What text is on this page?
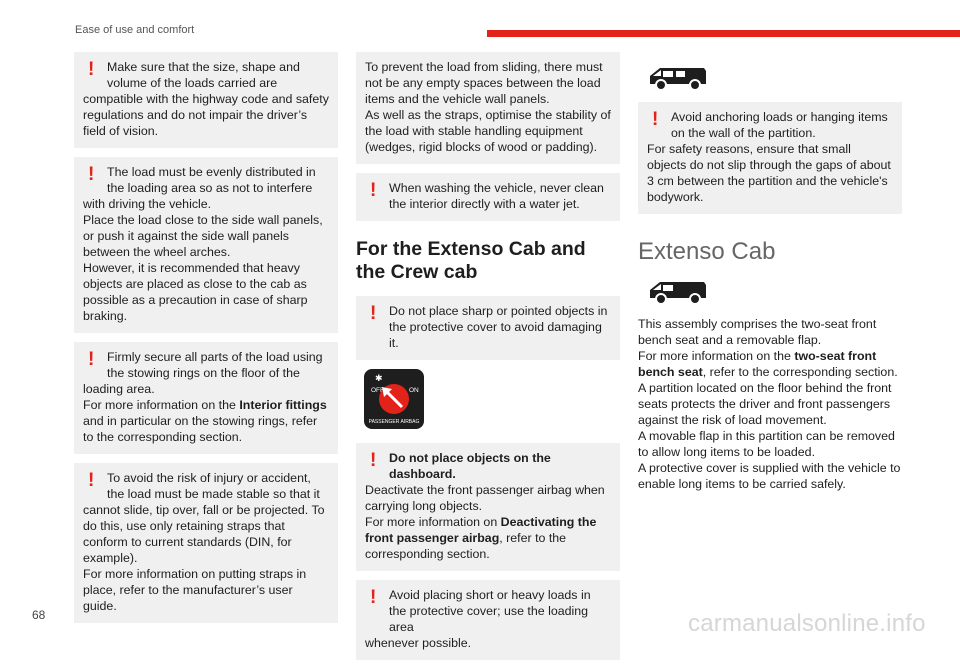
Ease of use and comfort
! Make sure that the size, shape and volume of the loads carried are

compatible with the highway code and safety regulations and do not impair the driver’s field of vision.

! The load must be evenly distributed in the loading area so as not to interfere

with driving the vehicle.

Place the load close to the side wall panels, or push it against the side wall panels between the wheel arches.

However, it is recommended that heavy objects are placed as close to the cab as possible as a precaution in case of sharp braking.

! Firmly secure all parts of the load using the stowing rings on the floor of the

loading area.

For more information on the Interior fittings and in particular on the stowing rings, refer to the corresponding section.

! To avoid the risk of injury or accident, the load must be made stable so that it

cannot slide, tip over, fall or be projected. To do this, use only retaining straps that conform to current standards (DIN, for example).

For more information on putting straps in place, refer to the manufacturer’s user guide.

To prevent the load from sliding, there must not be any empty spaces between the load items and the vehicle wall panels.

As well as the straps, optimise the stability of the load with stable handling equipment (wedges, rigid blocks of wood or padding).

! When washing the vehicle, never clean the interior directly with a water jet.
For the Extenso Cab and the Crew cab
! Do not place sharp or pointed objects in the protective cover to avoid damaging it.
OFF	ON
PASSENGER AIRBAG
✱
! Do not place objects on the dashboard.

Deactivate the front passenger airbag when carrying long objects.

For more information on Deactivating the front passenger airbag, refer to the corresponding section.

! Avoid placing short or heavy loads in the protective cover; use the loading area

whenever possible.

! Avoid anchoring loads or hanging items on the wall of the partition.

For safety reasons, ensure that small objects do not slip through the gaps of about 3 cm between the partition and the vehicle's bodywork.

Extenso Cab

This assembly comprises the two-seat front bench seat and a removable flap.

For more information on the two-seat front bench seat, refer to the corresponding section.

A partition located on the floor behind the front seats protects the driver and front passengers against the risk of load movement.

A movable flap in this partition can be removed to allow long items to be loaded.

A protective cover is supplied with the vehicle to enable long items to be carried safely.

68	carmanualsonline.info
